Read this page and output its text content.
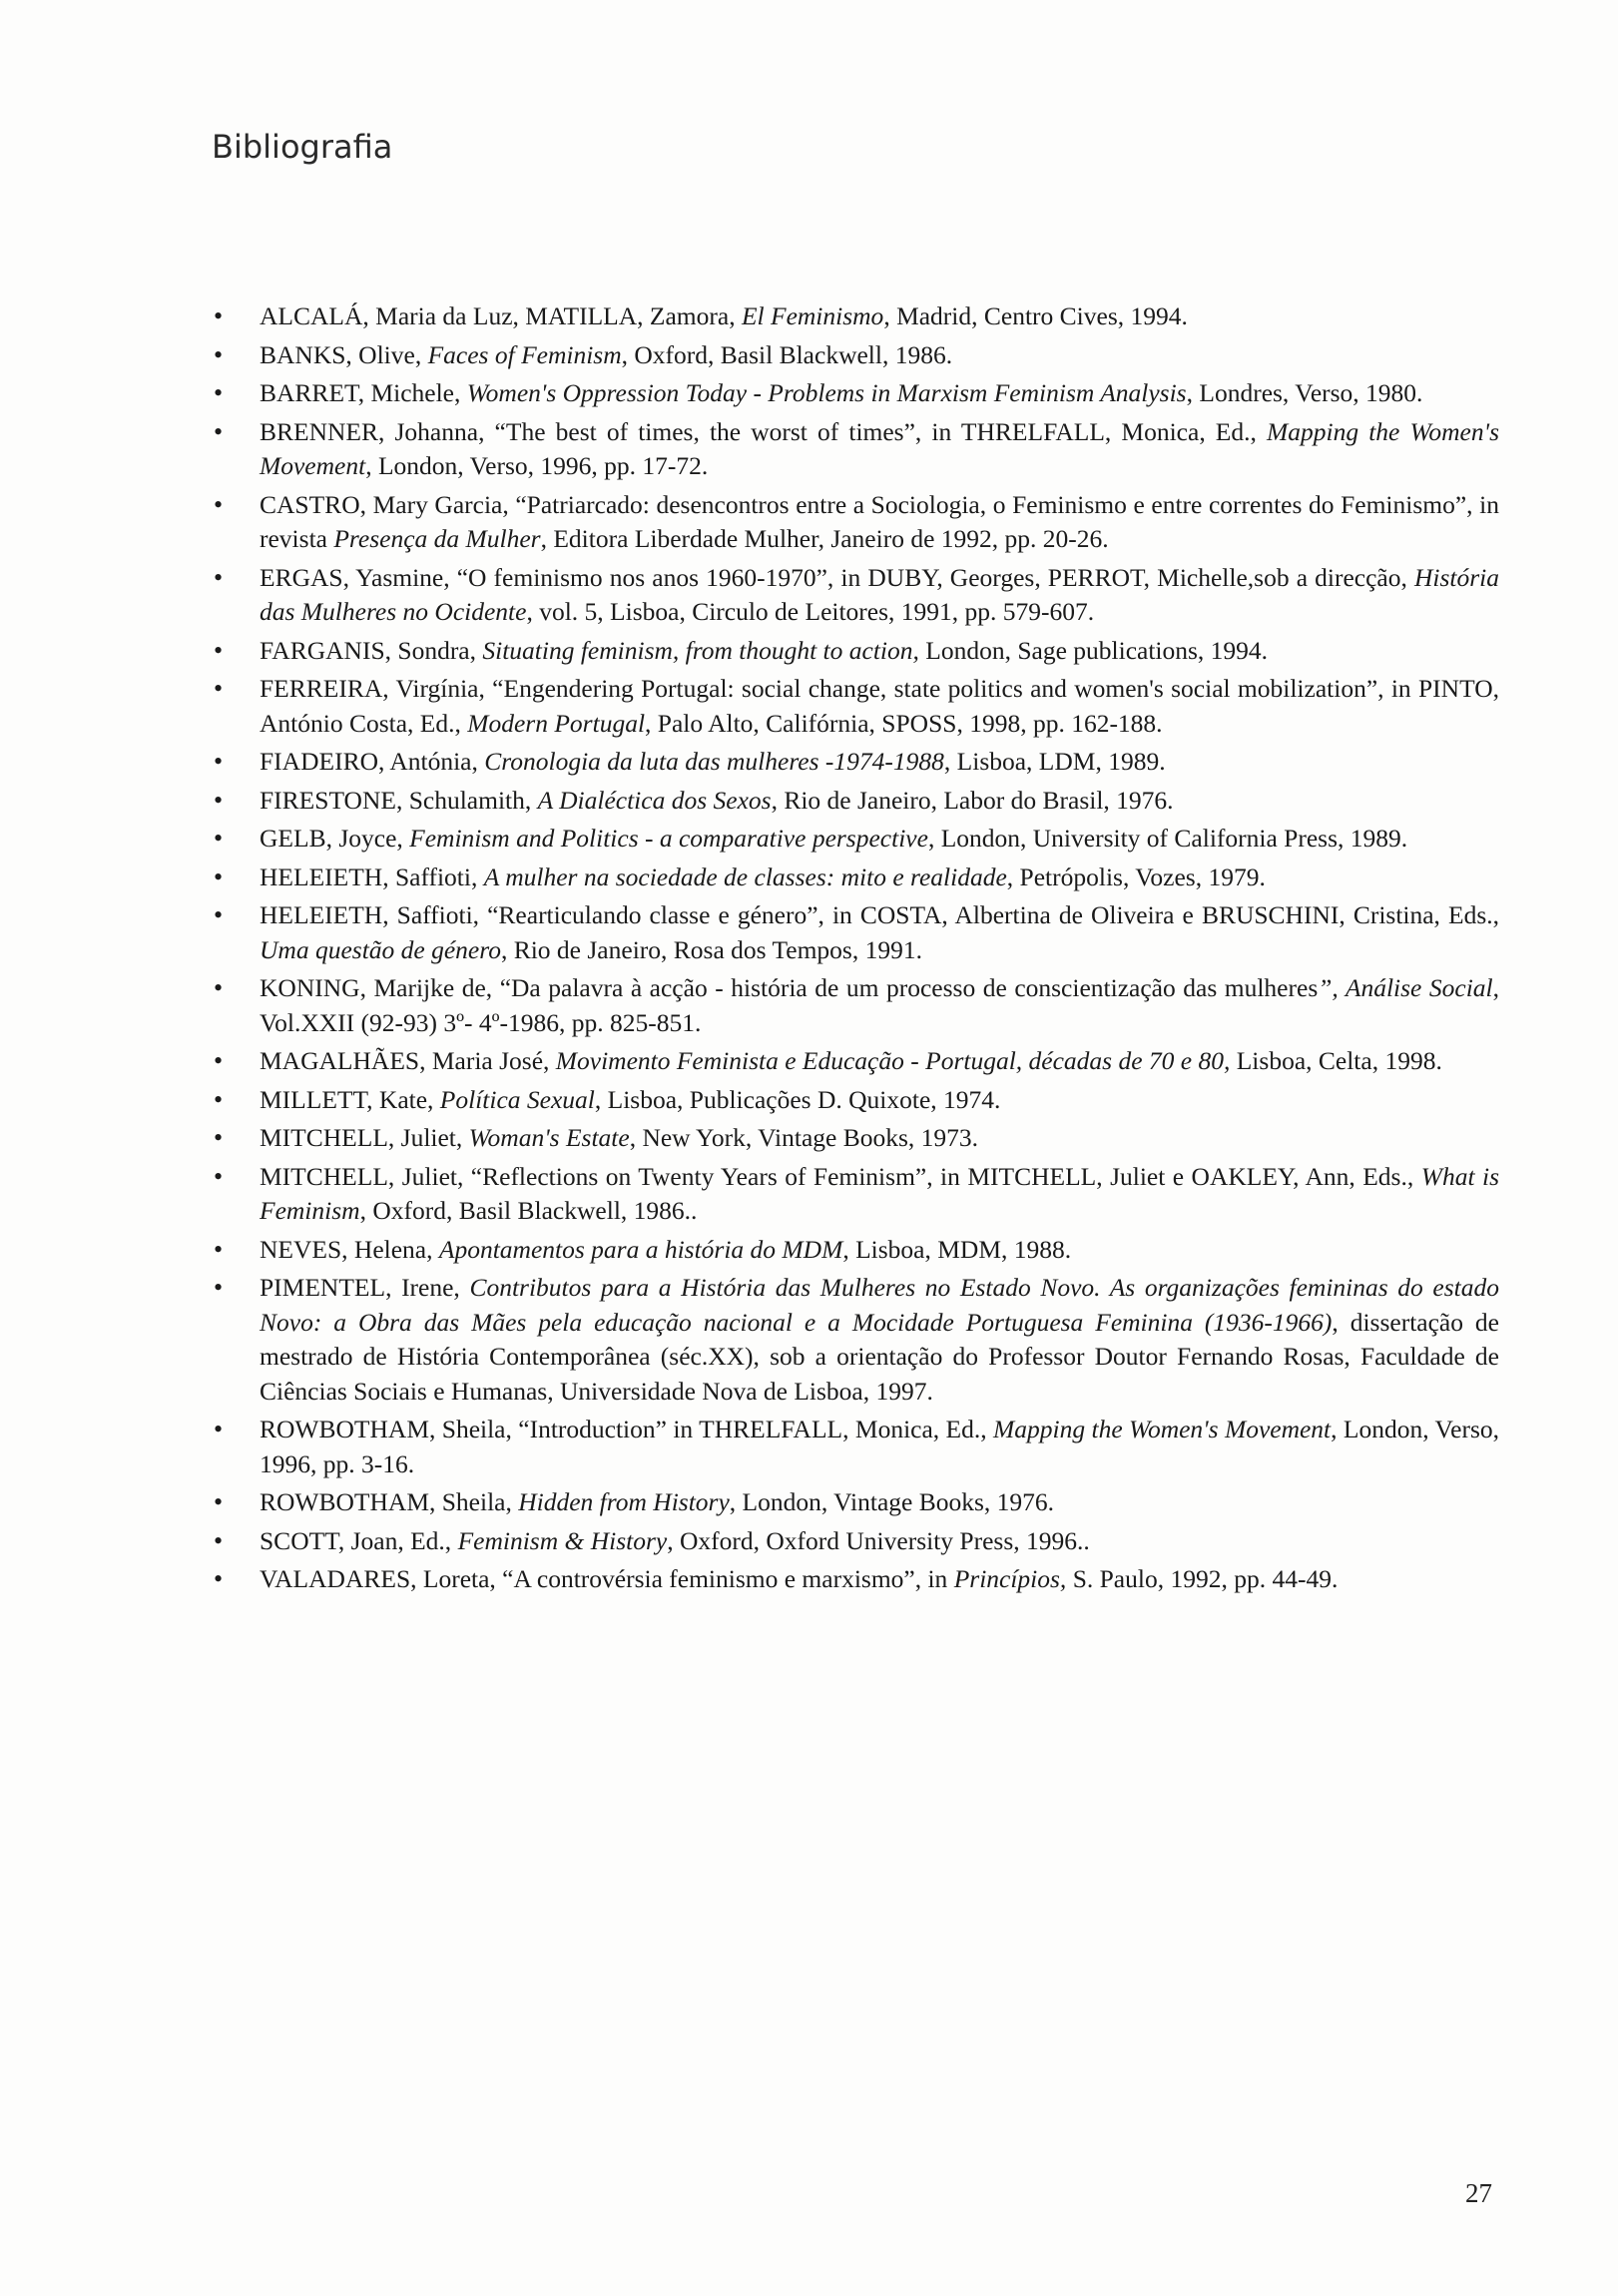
Bibliografia
• ALCALÁ, Maria da Luz, MATILLA, Zamora, El Feminismo, Madrid, Centro Cives, 1994.
• BANKS, Olive, Faces of Feminism, Oxford, Basil Blackwell, 1986.
• BARRET, Michele, Women's Oppression Today - Problems in Marxism Feminism Analysis, Londres, Verso, 1980.
• BRENNER, Johanna, “The best of times, the worst of times”, in THRELFALL, Monica, Ed., Mapping the Women's Movement, London, Verso, 1996, pp. 17-72.
• CASTRO, Mary Garcia, “Patriarcado: desencontros entre a Sociologia, o Feminismo e entre correntes do Feminismo”, in revista Presença da Mulher, Editora Liberdade Mulher, Janeiro de 1992, pp. 20-26.
• ERGAS, Yasmine, “O feminismo nos anos 1960-1970”, in DUBY, Georges, PERROT, Michelle,sob a direcção, História das Mulheres no Ocidente, vol. 5, Lisboa, Circulo de Leitores, 1991, pp. 579-607.
• FARGANIS, Sondra, Situating feminism, from thought to action, London, Sage publications, 1994.
• FERREIRA, Virgínia, “Engendering Portugal: social change, state politics and women's social mobilization”, in PINTO, António Costa, Ed., Modern Portugal, Palo Alto, Califórnia, SPOSS, 1998, pp. 162-188.
• FIADEIRO, Antónia, Cronologia da luta das mulheres -1974-1988, Lisboa, LDM, 1989.
• FIRESTONE, Schulamith, A Dialéctica dos Sexos, Rio de Janeiro, Labor do Brasil, 1976.
• GELB, Joyce, Feminism and Politics - a comparative perspective, London, University of California Press, 1989.
• HELEIETH, Saffioti, A mulher na sociedade de classes: mito e realidade, Petrópolis, Vozes, 1979.
• HELEIETH, Saffioti, “Rearticulando classe e género”, in COSTA, Albertina de Oliveira e BRUSCHINI, Cristina, Eds., Uma questão de género, Rio de Janeiro, Rosa dos Tempos, 1991.
• KONING, Marijke de, “Da palavra à acção - história de um processo de conscientização das mulheres”, Análise Social, Vol.XXII (92-93) 3º- 4º-1986, pp. 825-851.
• MAGALHÃES, Maria José, Movimento Feminista e Educação - Portugal, décadas de 70 e 80, Lisboa, Celta, 1998.
• MILLETT, Kate, Política Sexual, Lisboa, Publicações D. Quixote, 1974.
• MITCHELL, Juliet, Woman's Estate, New York, Vintage Books, 1973.
• MITCHELL, Juliet, “Reflections on Twenty Years of Feminism”, in MITCHELL, Juliet e OAKLEY, Ann, Eds., What is Feminism, Oxford, Basil Blackwell, 1986..
• NEVES, Helena, Apontamentos para a história do MDM, Lisboa, MDM, 1988.
• PIMENTEL, Irene, Contributos para a História das Mulheres no Estado Novo. As organizações femininas do estado Novo: a Obra das Mães pela educação nacional e a Mocidade Portuguesa Feminina (1936-1966), dissertação de mestrado de História Contemporânea (séc.XX), sob a orientação do Professor Doutor Fernando Rosas, Faculdade de Ciências Sociais e Humanas, Universidade Nova de Lisboa, 1997.
• ROWBOTHAM, Sheila, “Introduction” in THRELFALL, Monica, Ed., Mapping the Women's Movement, London, Verso, 1996, pp. 3-16.
• ROWBOTHAM, Sheila, Hidden from History, London, Vintage Books, 1976.
• SCOTT, Joan, Ed., Feminism & History, Oxford, Oxford University Press, 1996..
• VALADARES, Loreta, “A controvérsia feminismo e marxismo”, in Princípios, S. Paulo, 1992, pp. 44-49.
27
